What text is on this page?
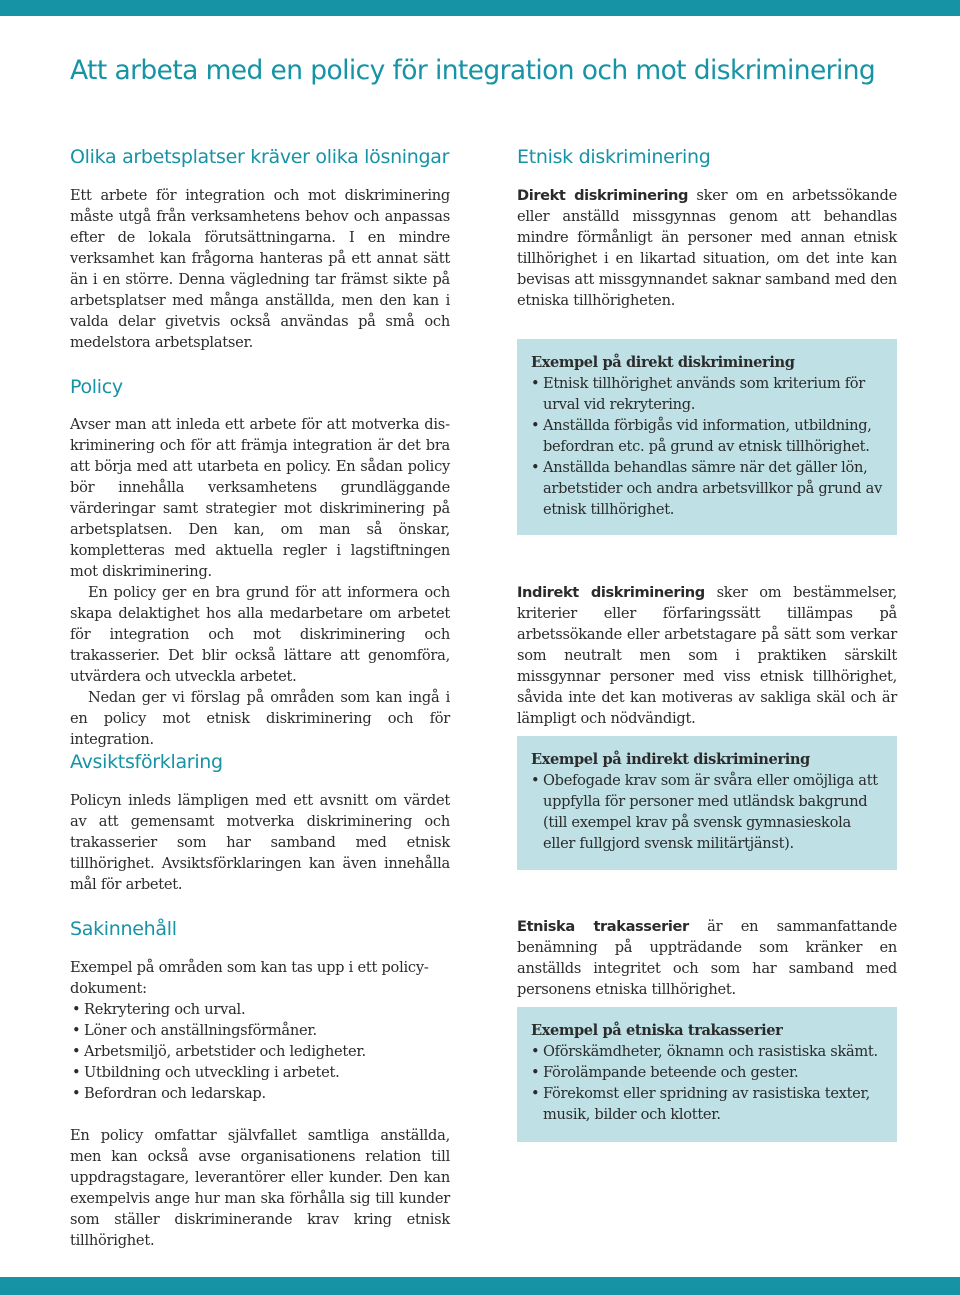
Att arbeta med en policy för integration och mot diskriminering
Olika arbetsplatser kräver olika lösningar

Ett arbete för integration och mot diskriminering måste utgå från verksamhetens behov och anpassas efter de lokala förutsättningarna. I en mindre verksamhet kan frågorna hanteras på ett annat sätt än i en större. Denna vägledning tar främst sikte på arbetsplatser med många anställda, men den kan i valda delar givetvis också användas på små och medelstora arbetsplatser.

Policy

Avser man att inleda ett arbete för att motverka diskriminering och för att främja integration är det bra att börja med att utarbeta en policy. En sådan policy bör innehålla verksamhetens grundläggande värderingar samt strategier mot diskriminering på arbetsplatsen. Den kan, om man så önskar, kompletteras med aktuella regler i lagstiftningen mot diskriminering.

En policy ger en bra grund för att informera och skapa delaktighet hos alla medarbetare om arbetet för integration och mot diskriminering och trakasserier. Det blir också lättare att genomföra, utvärdera och utveckla arbetet.

Nedan ger vi förslag på områden som kan ingå i en policy mot etnisk diskriminering och för integration.

Avsiktsförklaring

Policyn inleds lämpligen med ett avsnitt om värdet av att gemensamt motverka diskriminering och trakasserier som har samband med etnisk tillhörighet. Avsiktsförklaringen kan även innehålla mål för arbetet.

Sakinnehåll

Exempel på områden som kan tas upp i ett policydokument:

• Rekrytering och urval.
• Löner och anställningsförmåner.
• Arbetsmiljö, arbetstider och ledigheter.
• Utbildning och utveckling i arbetet.
• Befordran och ledarskap.

En policy omfattar självfallet samtliga anställda, men kan också avse organisationens relation till uppdragstagare, leverantörer eller kunder. Den kan exempelvis ange hur man ska förhålla sig till kunder som ställer diskriminerande krav kring etnisk tillhörighet.

Etnisk diskriminering

Direkt diskriminering sker om en arbetssökande eller anställd missgynnas genom att behandlas mindre förmånligt än personer med annan etnisk tillhörighet i en likartad situation, om det inte kan bevisas att missgynnandet saknar samband med den etniska tillhörigheten.

Exempel på direkt diskriminering
• Etnisk tillhörighet används som kriterium för urval vid rekrytering.
• Anställda förbigås vid information, utbildning, befordran etc. på grund av etnisk tillhörighet.
• Anställda behandlas sämre när det gäller lön, arbetstider och andra arbetsvillkor på grund av etnisk tillhörighet.

Indirekt diskriminering sker om bestämmelser, kriterier eller förfaringssätt tillämpas på arbetssökande eller arbetstagare på sätt som verkar som neutralt men som i praktiken särskilt missgynnar personer med viss etnisk tillhörighet, såvida inte det kan motiveras av sakliga skäl och är lämpligt och nödvändigt.

Exempel på indirekt diskriminering
• Obefogade krav som är svåra eller omöjliga att uppfylla för personer med utländsk bakgrund (till exempel krav på svensk gymnasieskola eller fullgjord svensk militärtjänst).

Etniska trakasserier är en sammanfattande benämning på uppträdande som kränker en anställds integritet och som har samband med personens etniska tillhörighet.

Exempel på etniska trakasserier
• Oförskämdheter, öknamn och rasistiska skämt.
• Förolämpande beteende och gester.
• Förekomst eller spridning av rasistiska texter, musik, bilder och klotter.
